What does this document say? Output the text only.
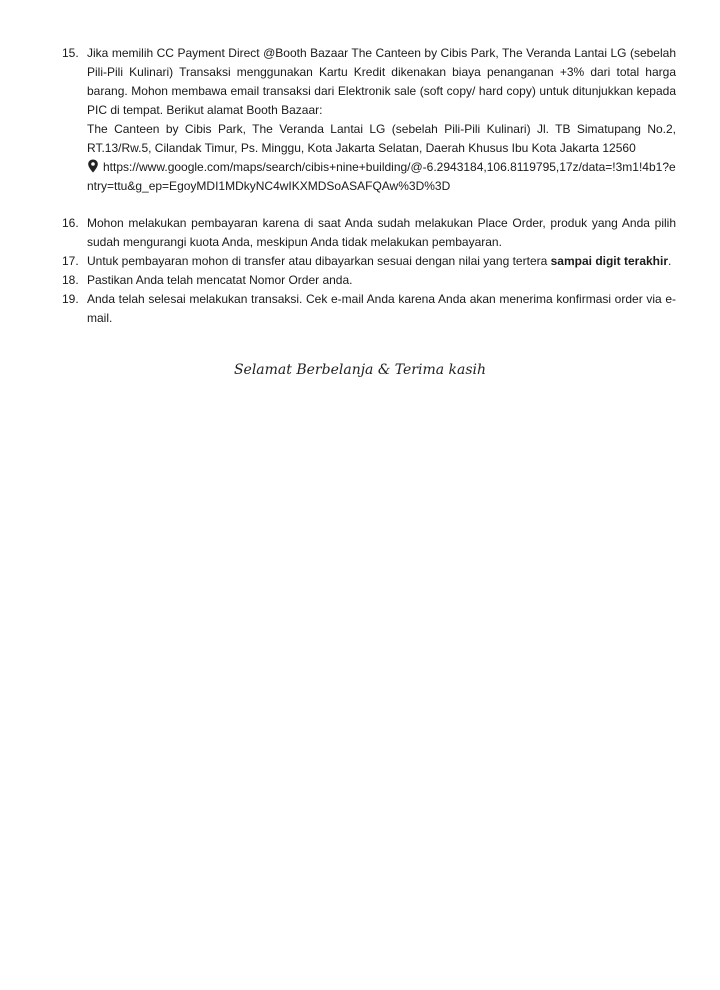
15. Jika memilih CC Payment Direct @Booth Bazaar The Canteen by Cibis Park, The Veranda Lantai LG (sebelah Pili-Pili Kulinari) Transaksi menggunakan Kartu Kredit dikenakan biaya penanganan +3% dari total harga barang. Mohon membawa email transaksi dari Elektronik sale (soft copy/ hard copy) untuk ditunjukkan kepada PIC di tempat. Berikut alamat Booth Bazaar:

The Canteen by Cibis Park, The Veranda Lantai LG (sebelah Pili-Pili Kulinari) Jl. TB Simatupang No.2, RT.13/Rw.5, Cilandak Timur, Ps. Minggu, Kota Jakarta Selatan, Daerah Khusus Ibu Kota Jakarta 12560

https://www.google.com/maps/search/cibis+nine+building/@-6.2943184,106.8119795,17z/data=!3m1!4b1?entry=ttu&g_ep=EgoyMDI1MDkyNC4wIKXMDSoASAFQAw%3D%3D

16. Mohon melakukan pembayaran karena di saat Anda sudah melakukan Place Order, produk yang Anda pilih sudah mengurangi kuota Anda, meskipun Anda tidak melakukan pembayaran.

17. Untuk pembayaran mohon di transfer atau dibayarkan sesuai dengan nilai yang tertera sampai digit terakhir.

18. Pastikan Anda telah mencatat Nomor Order anda.

19. Anda telah selesai melakukan transaksi. Cek e-mail Anda karena Anda akan menerima konfirmasi order via e-mail.

Selamat Berbelanja & Terima kasih
